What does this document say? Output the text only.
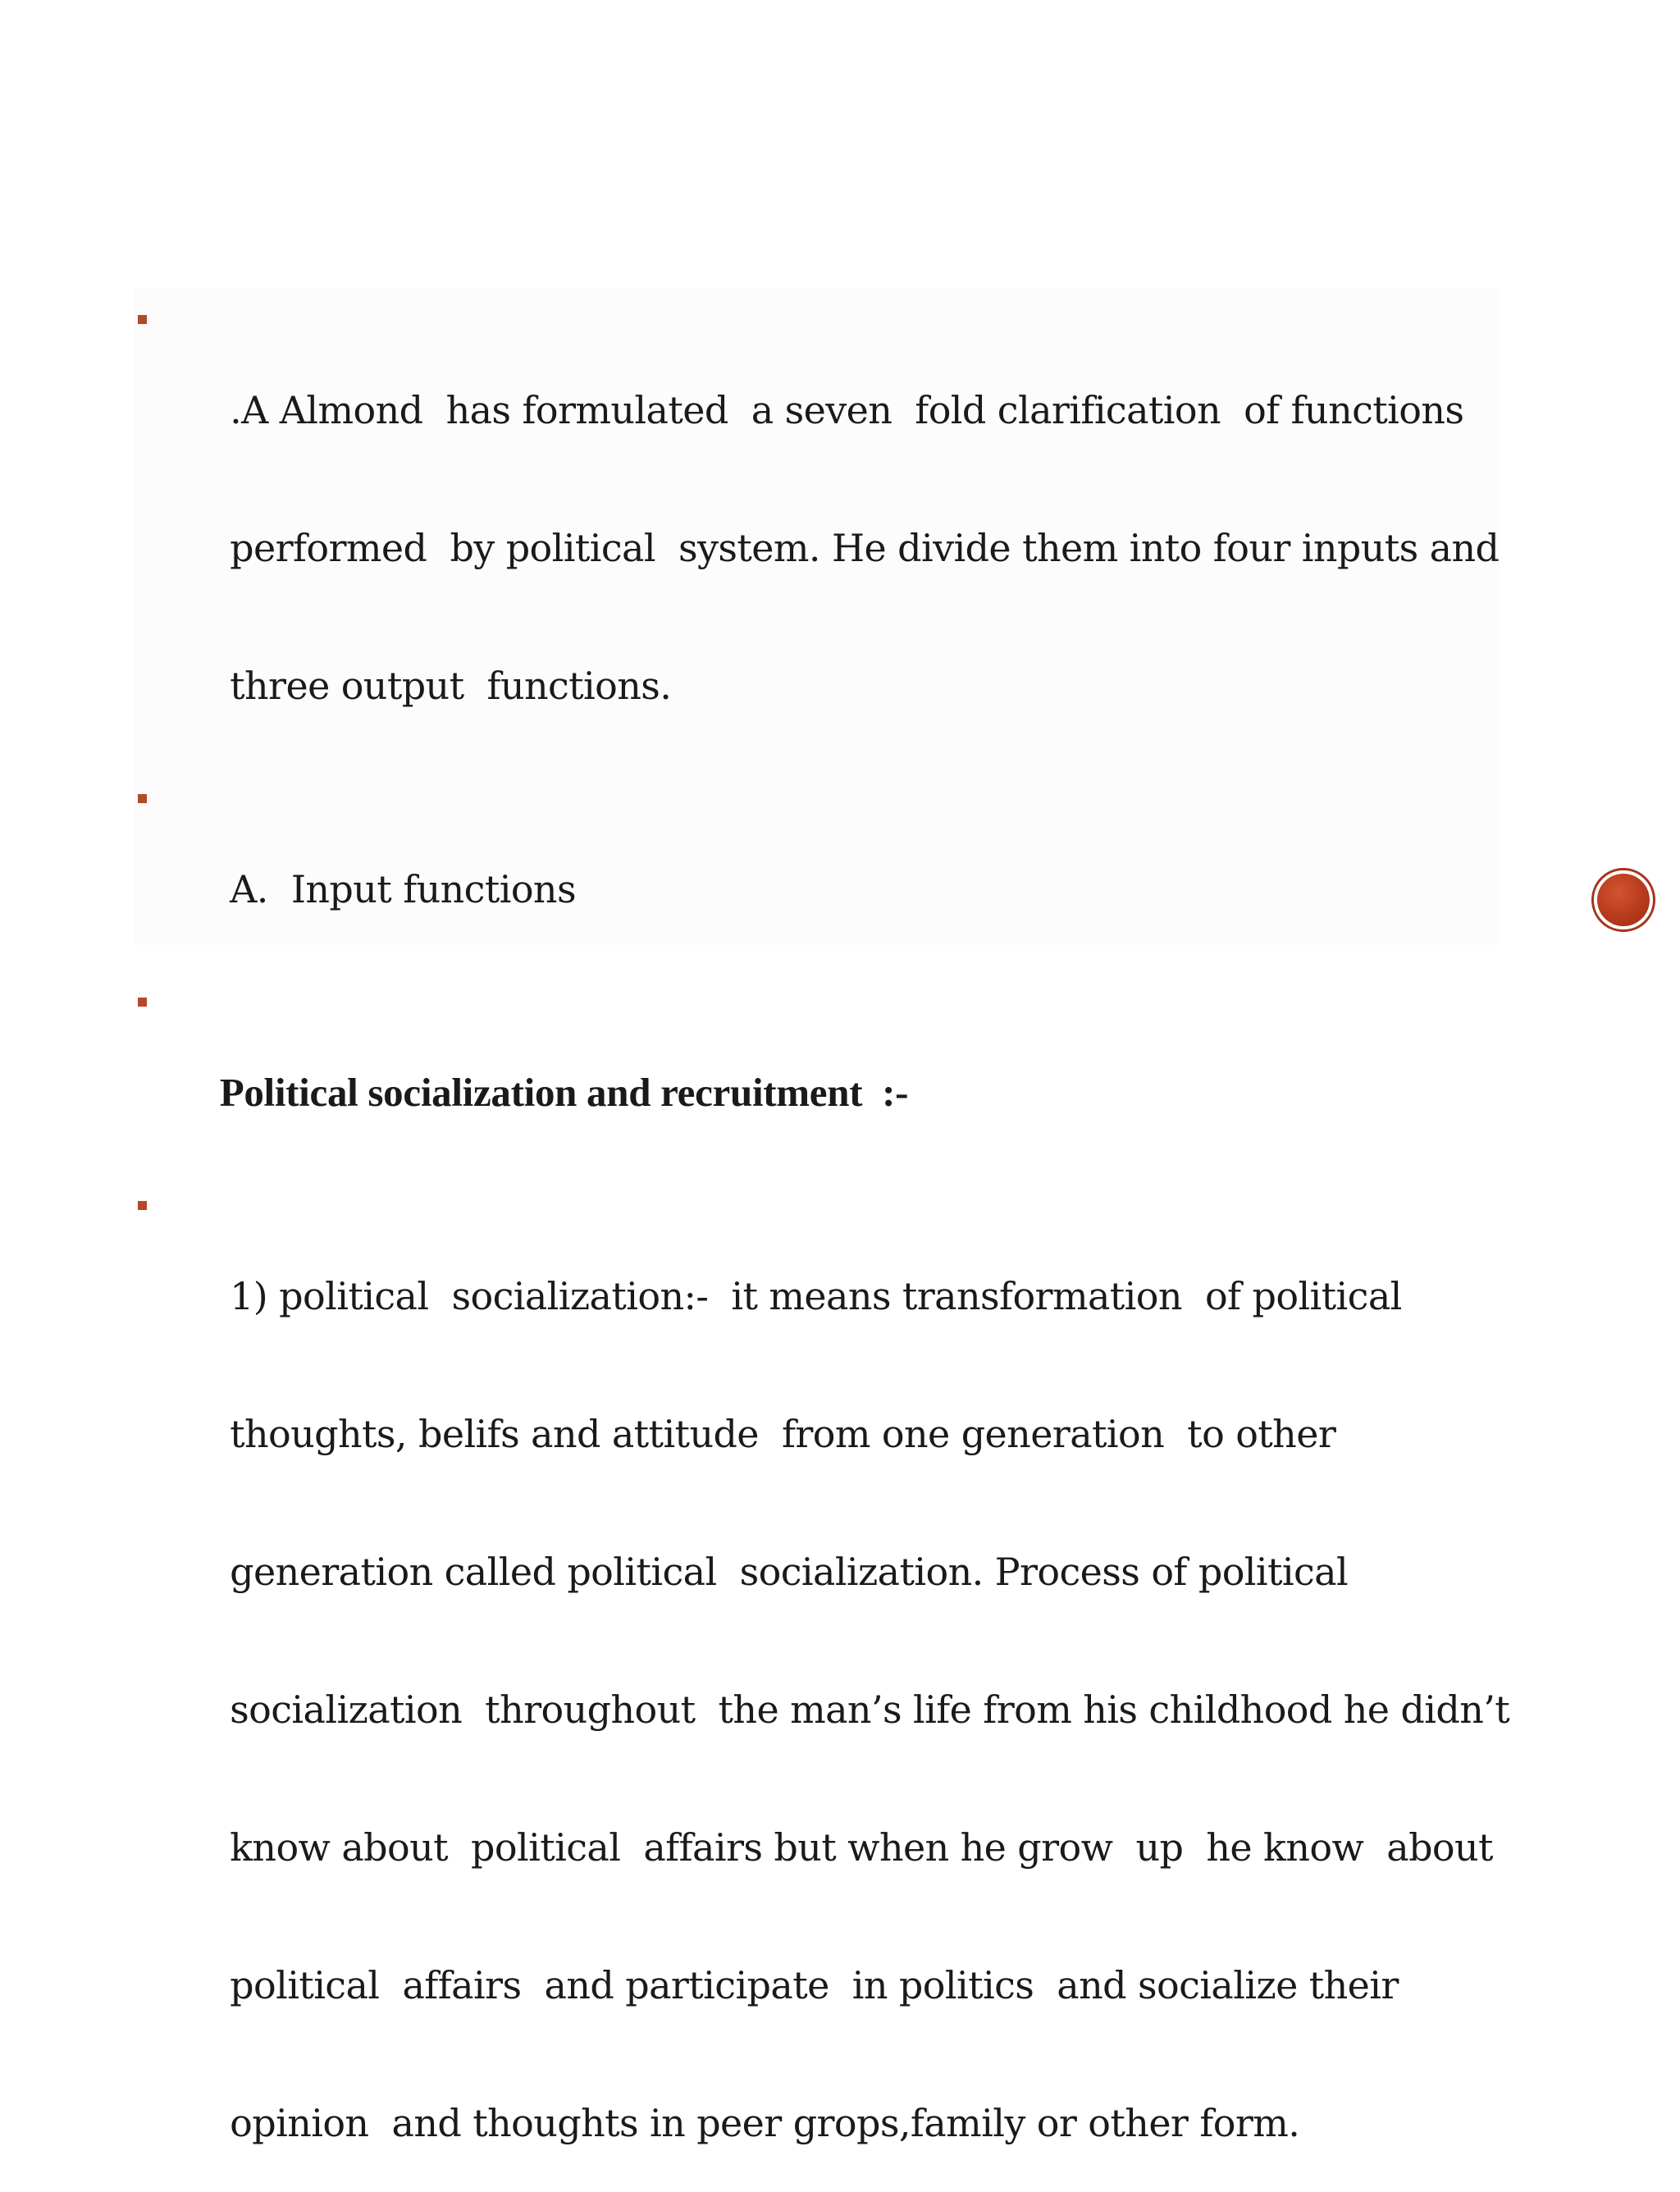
.A Almond  has formulated  a seven  fold clarification  of functions

performed  by political  system. He divide them into four inputs and

three output  functions.

A.  Input functions

Political socialization and recruitment  :-

1) political  socialization:-  it means transformation  of political

thoughts, belifs and attitude  from one generation  to other

generation called political  socialization. Process of political

socialization  throughout  the man’s life from his childhood he didn’t

know about  political  affairs but when he grow  up  he know  about

political  affairs  and participate  in politics  and socialize their

opinion  and thoughts in peer grops,family or other form.
